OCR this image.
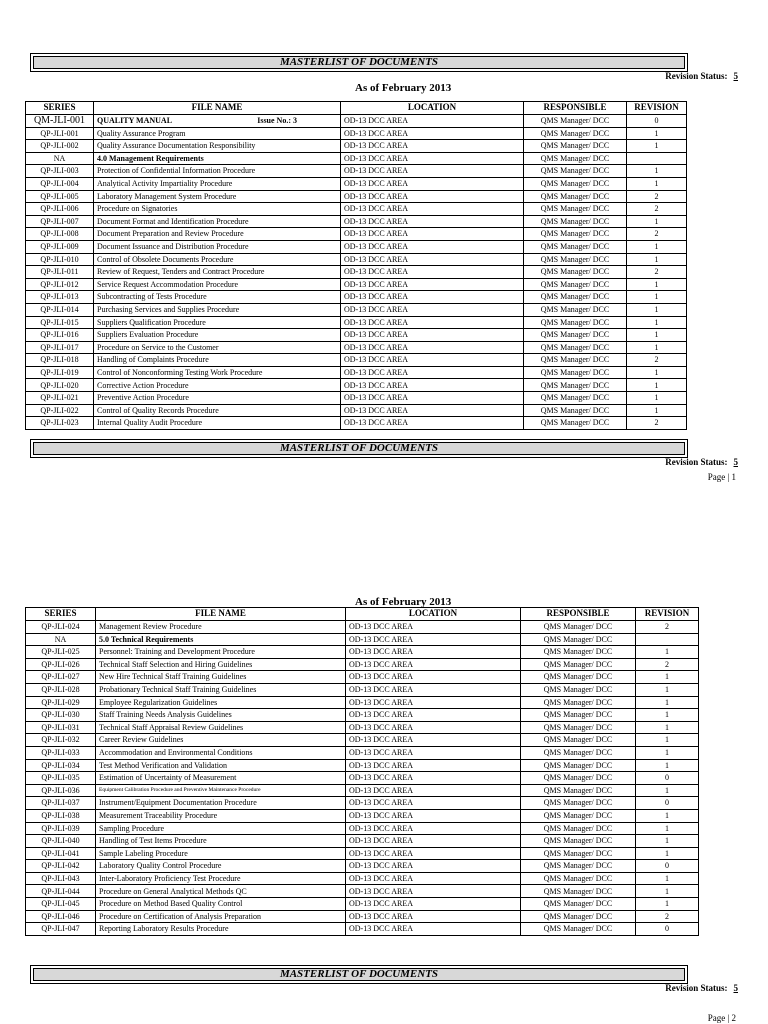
MASTERLIST OF DOCUMENTS
Revision Status: 5
As of February 2013
SERIES	FILE NAME	LOCATION	RESPONSIBLE	REVISION
QM-JLI-001	QUALITY MANUAL Issue No.: 3	OD-13 DCC AREA	QMS Manager/ DCC	0
QP-JLI-001	Quality Assurance Program	OD-13 DCC AREA	QMS Manager/ DCC	1
QP-JLI-002	Quality Assurance Documentation Responsibility	OD-13 DCC AREA	QMS Manager/ DCC	1
NA	4.0 Management Requirements	OD-13 DCC AREA	QMS Manager/ DCC	
QP-JLI-003	Protection of Confidential Information Procedure	OD-13 DCC AREA	QMS Manager/ DCC	1
QP-JLI-004	Analytical Activity Impartiality Procedure	OD-13 DCC AREA	QMS Manager/ DCC	1
QP-JLI-005	Laboratory Management System Procedure	OD-13 DCC AREA	QMS Manager/ DCC	2
QP-JLI-006	Procedure on Signatories	OD-13 DCC AREA	QMS Manager/ DCC	2
QP-JLI-007	Document Format and Identification Procedure	OD-13 DCC AREA	QMS Manager/ DCC	1
QP-JLI-008	Document Preparation and Review Procedure	OD-13 DCC AREA	QMS Manager/ DCC	2
QP-JLI-009	Document Issuance and Distribution Procedure	OD-13 DCC AREA	QMS Manager/ DCC	1
QP-JLI-010	Control of Obsolete Documents Procedure	OD-13 DCC AREA	QMS Manager/ DCC	1
QP-JLI-011	Review of Request, Tenders and Contract Procedure	OD-13 DCC AREA	QMS Manager/ DCC	2
QP-JLI-012	Service Request Accommodation Procedure	OD-13 DCC AREA	QMS Manager/ DCC	1
QP-JLI-013	Subcontracting of Tests Procedure	OD-13 DCC AREA	QMS Manager/ DCC	1
QP-JLI-014	Purchasing Services and Supplies Procedure	OD-13 DCC AREA	QMS Manager/ DCC	1
QP-JLI-015	Suppliers Qualification Procedure	OD-13 DCC AREA	QMS Manager/ DCC	1
QP-JLI-016	Suppliers Evaluation Procedure	OD-13 DCC AREA	QMS Manager/ DCC	1
QP-JLI-017	Procedure on Service to the Customer	OD-13 DCC AREA	QMS Manager/ DCC	1
QP-JLI-018	Handling of Complaints Procedure	OD-13 DCC AREA	QMS Manager/ DCC	2
QP-JLI-019	Control of Nonconforming Testing Work Procedure	OD-13 DCC AREA	QMS Manager/ DCC	1
QP-JLI-020	Corrective Action Procedure	OD-13 DCC AREA	QMS Manager/ DCC	1
QP-JLI-021	Preventive Action Procedure	OD-13 DCC AREA	QMS Manager/ DCC	1
QP-JLI-022	Control of Quality Records Procedure	OD-13 DCC AREA	QMS Manager/ DCC	1
QP-JLI-023	Internal Quality Audit Procedure	OD-13 DCC AREA	QMS Manager/ DCC	2
MASTERLIST OF DOCUMENTS
Revision Status: 5
Page | 1
As of February 2013
SERIES	FILE NAME	LOCATION	RESPONSIBLE	REVISION
QP-JLI-024	Management Review Procedure	OD-13 DCC AREA	QMS Manager/ DCC	2
NA	5.0 Technical Requirements	OD-13 DCC AREA	QMS Manager/ DCC	
QP-JLI-025	Personnel: Training and Development Procedure	OD-13 DCC AREA	QMS Manager/ DCC	1
QP-JLI-026	Technical Staff Selection and Hiring Guidelines	OD-13 DCC AREA	QMS Manager/ DCC	2
QP-JLI-027	New Hire Technical Staff Training Guidelines	OD-13 DCC AREA	QMS Manager/ DCC	1
QP-JLI-028	Probationary Technical Staff Training Guidelines	OD-13 DCC AREA	QMS Manager/ DCC	1
QP-JLI-029	Employee Regularization Guidelines	OD-13 DCC AREA	QMS Manager/ DCC	1
QP-JLI-030	Staff Training Needs Analysis Guidelines	OD-13 DCC AREA	QMS Manager/ DCC	1
QP-JLI-031	Technical Staff Appraisal Review Guidelines	OD-13 DCC AREA	QMS Manager/ DCC	1
QP-JLI-032	Career Review Guidelines	OD-13 DCC AREA	QMS Manager/ DCC	1
QP-JLI-033	Accommodation and Environmental Conditions	OD-13 DCC AREA	QMS Manager/ DCC	1
QP-JLI-034	Test Method Verification and Validation	OD-13 DCC AREA	QMS Manager/ DCC	1
QP-JLI-035	Estimation of Uncertainty of Measurement	OD-13 DCC AREA	QMS Manager/ DCC	0
QP-JLI-036	Equipment Calibration Procedure and Preventive Maintenance Procedure	OD-13 DCC AREA	QMS Manager/ DCC	1
QP-JLI-037	Instrument/Equipment Documentation Procedure	OD-13 DCC AREA	QMS Manager/ DCC	0
QP-JLI-038	Measurement Traceability Procedure	OD-13 DCC AREA	QMS Manager/ DCC	1
QP-JLI-039	Sampling Procedure	OD-13 DCC AREA	QMS Manager/ DCC	1
QP-JLI-040	Handling of Test Items Procedure	OD-13 DCC AREA	QMS Manager/ DCC	1
QP-JLI-041	Sample Labeling Procedure	OD-13 DCC AREA	QMS Manager/ DCC	1
QP-JLI-042	Laboratory Quality Control Procedure	OD-13 DCC AREA	QMS Manager/ DCC	0
QP-JLI-043	Inter-Laboratory Proficiency Test Procedure	OD-13 DCC AREA	QMS Manager/ DCC	1
QP-JLI-044	Procedure on General Analytical Methods QC	OD-13 DCC AREA	QMS Manager/ DCC	1
QP-JLI-045	Procedure on Method Based Quality Control	OD-13 DCC AREA	QMS Manager/ DCC	1
QP-JLI-046	Procedure on Certification of Analysis Preparation	OD-13 DCC AREA	QMS Manager/ DCC	2
QP-JLI-047	Reporting Laboratory Results Procedure	OD-13 DCC AREA	QMS Manager/ DCC	0
MASTERLIST OF DOCUMENTS
Revision Status: 5
Page | 2
